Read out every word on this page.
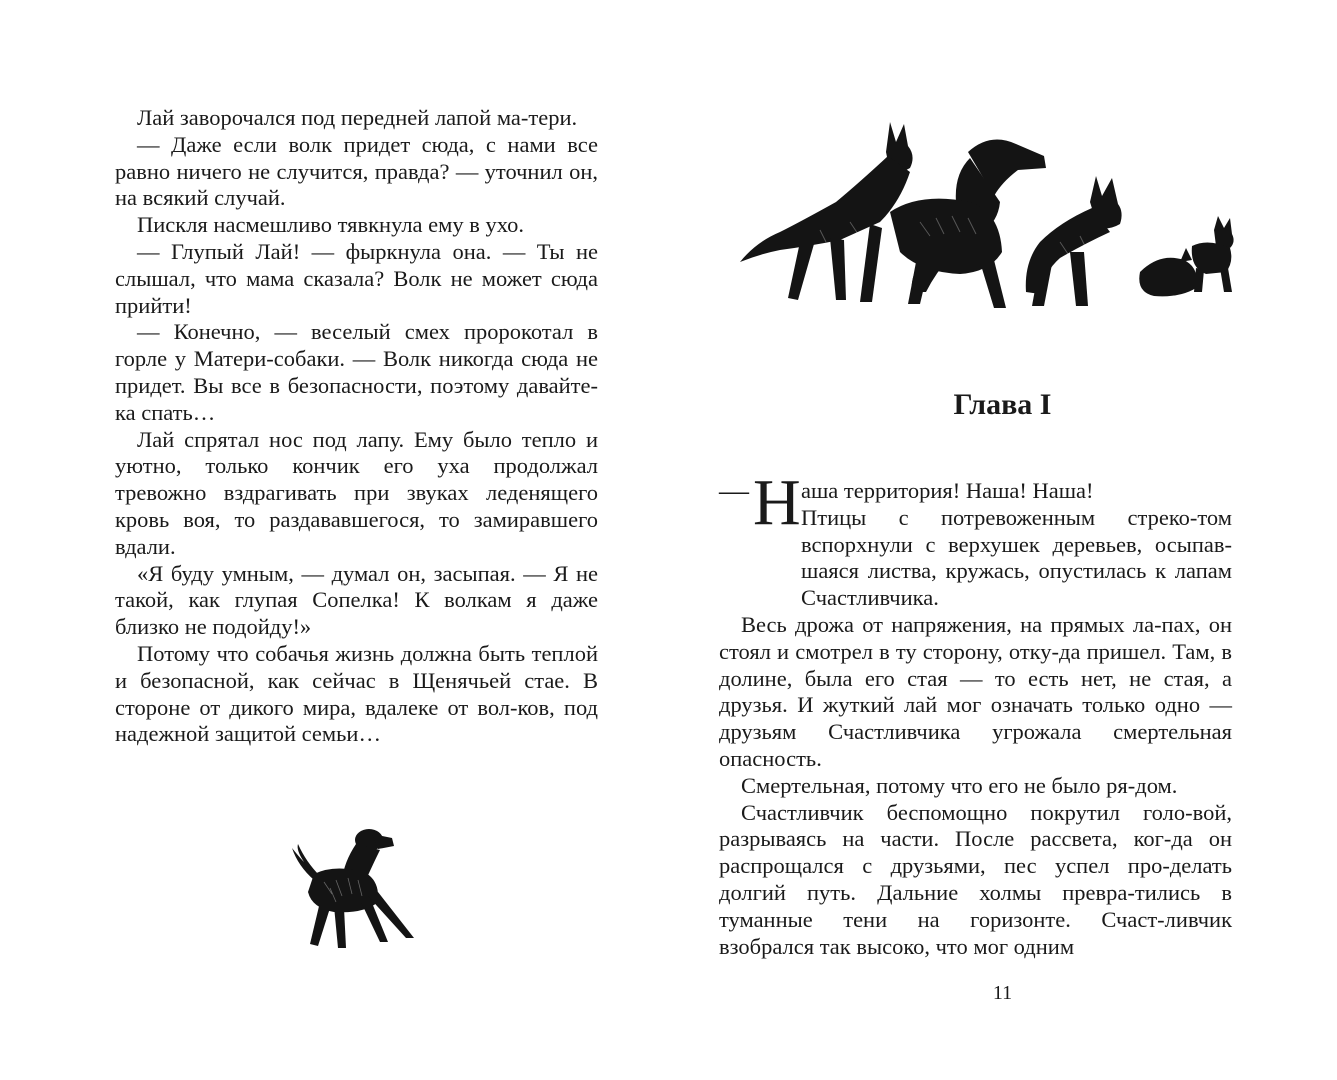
Лай заворочался под передней лапой ма-тери.

— Даже если волк придет сюда, с нами все равно ничего не случится, правда? — уточнил он, на всякий случай.

Пискля насмешливо тявкнула ему в ухо.

— Глупый Лай! — фыркнула она. — Ты не слышал, что мама сказала? Волк не может сюда прийти!

— Конечно, — веселый смех пророкотал в горле у Матери-собаки. — Волк никогда сюда не придет. Вы все в безопасности, поэтому давайте-ка спать…

Лай спрятал нос под лапу. Ему было тепло и уютно, только кончик его уха продолжал тревожно вздрагивать при звуках леденящего кровь воя, то раздававшегося, то замиравшего вдали.

«Я буду умным, — думал он, засыпая. — Я не такой, как глупая Сопелка! К волкам я даже близко не подойду!»

Потому что собачья жизнь должна быть теплой и безопасной, как сейчас в Щенячьей стае. В стороне от дикого мира, вдалеке от вол-ков, под надежной защитой семьи…

Глава I
— Н аша территория! Наша! Наша!

Птицы с потревоженным стреко-том вспорхнули с верхушек деревьев, осыпав-шаяся листва, кружась, опустилась к лапам Счастливчика.

Весь дрожа от напряжения, на прямых ла-пах, он стоял и смотрел в ту сторону, отку-да пришел. Там, в долине, была его стая — то есть нет, не стая, а друзья. И жуткий лай мог означать только одно — друзьям Счастливчика угрожала смертельная опасность.

Смертельная, потому что его не было ря-дом.

Счастливчик беспомощно покрутил голо-вой, разрываясь на части. После рассвета, ког-да он распрощался с друзьями, пес успел про-делать долгий путь. Дальние холмы превра-тились в туманные тени на горизонте. Счаст-ливчик взобрался так высоко, что мог одним

11
